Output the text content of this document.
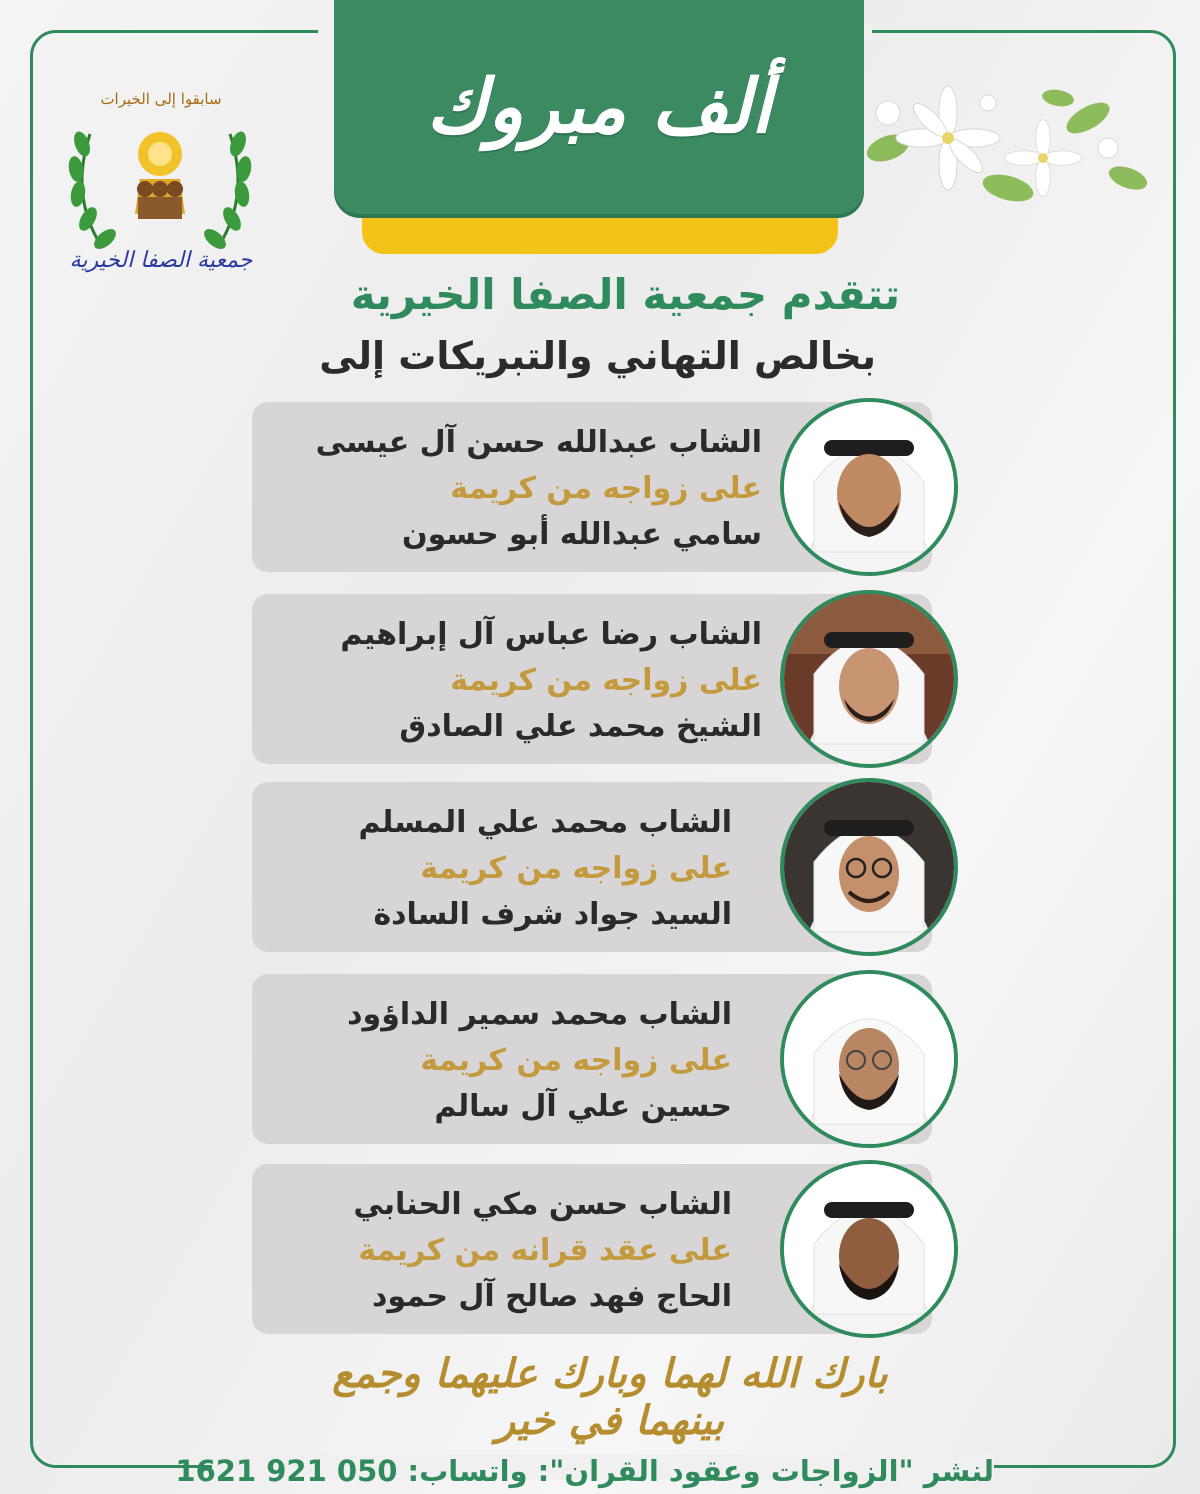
ألف مبروك
سابقوا إلى الخيرات
جمعية الصفا الخيرية
تتقدم جمعية الصفا الخيرية
بخالص التهاني والتبريكات إلى
الشاب عبدالله حسن آل عيسى
على زواجه من كريمة
سامي عبدالله أبو حسون
الشاب رضا عباس آل إبراهيم
على زواجه من كريمة
الشيخ محمد علي الصادق
الشاب محمد علي المسلم
على زواجه من كريمة
السيد جواد شرف السادة
الشاب محمد سمير الداؤود
على زواجه من كريمة
حسين علي آل سالم
الشاب حسن مكي الحنابي
على عقد قرانه من كريمة
الحاج فهد صالح آل حمود
بارك الله لهما وبارك عليهما وجمع بينهما في خير
لنشر "الزواجات وعقود القران": واتساب: 050 921 1621
